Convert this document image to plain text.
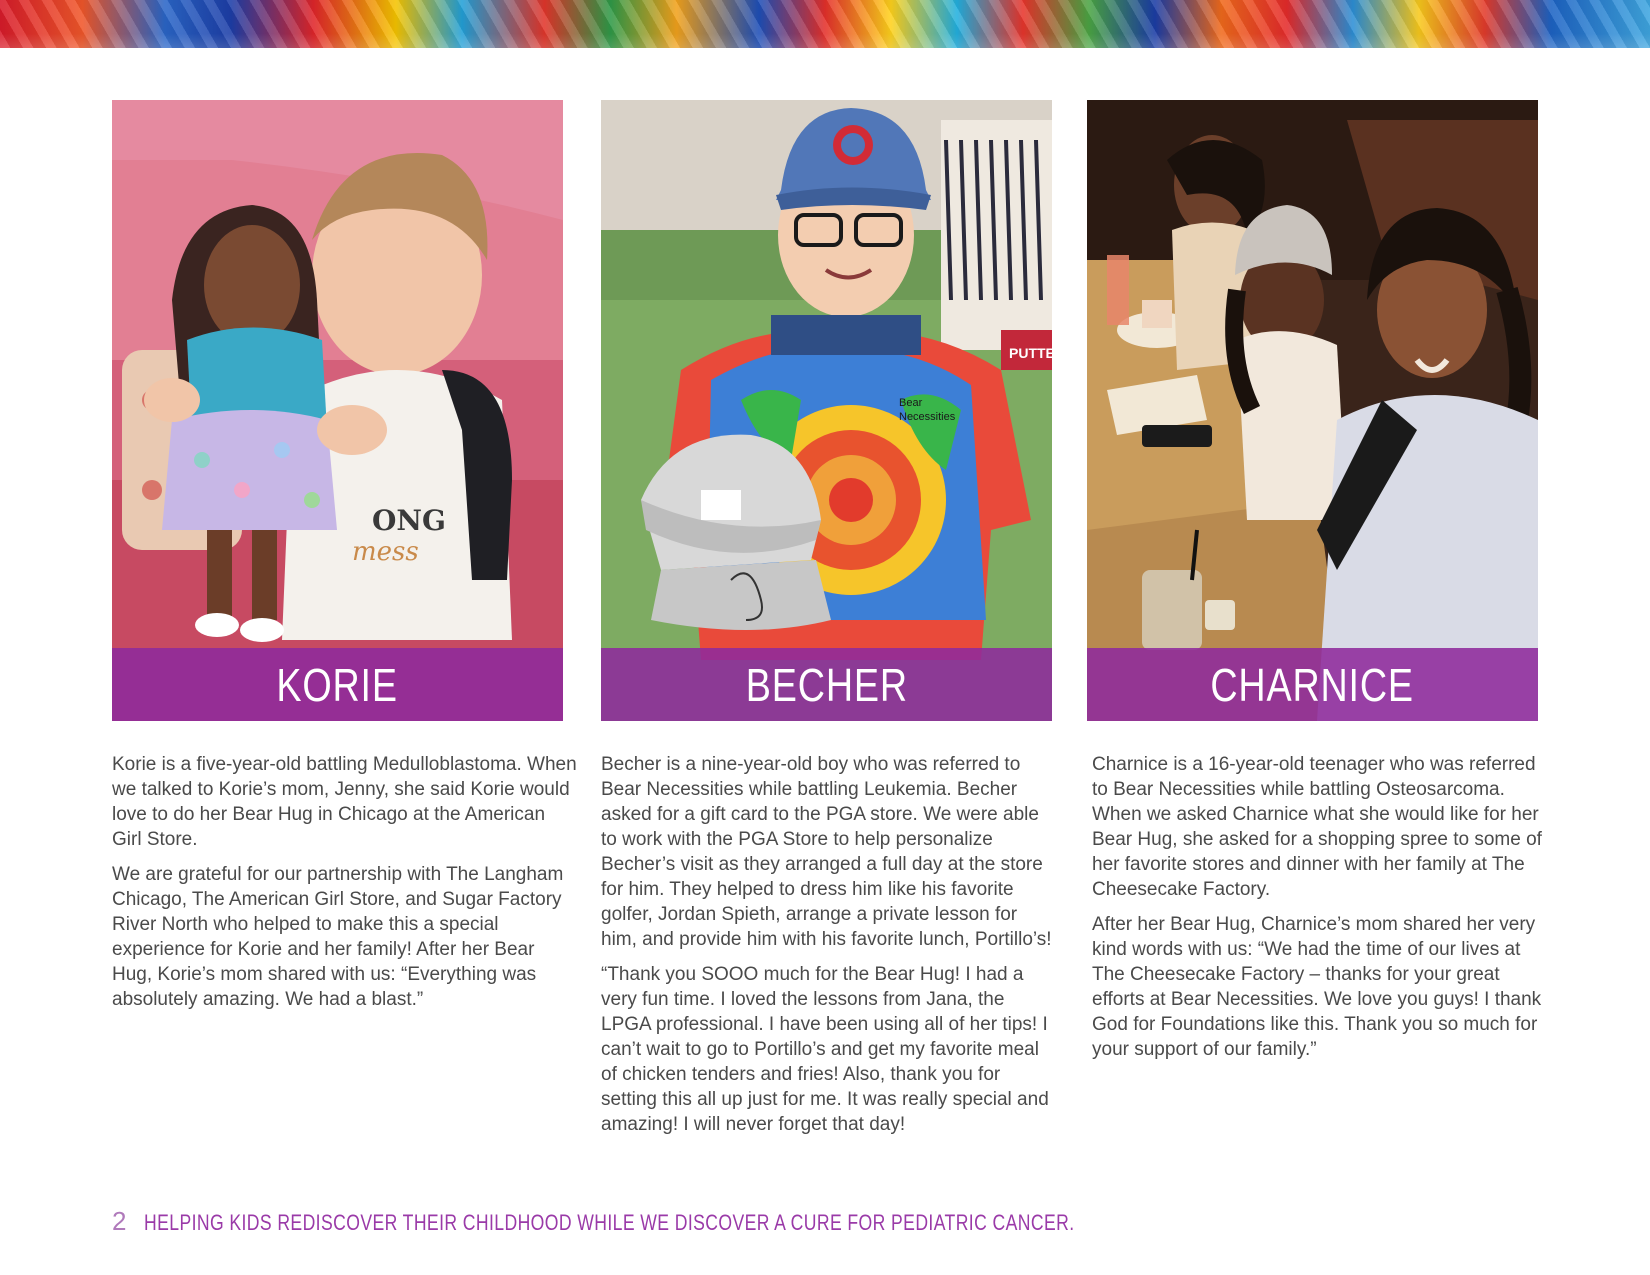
ONG
mess
KORIE
PUTTER
Bear
Necessities
BECHER	CHARNICE

Korie is a five-year-old battling Medulloblastoma. When we talked to Korie’s mom, Jenny, she said Korie would love to do her Bear Hug in Chicago at the American Girl Store.

We are grateful for our partnership with The Langham Chicago, The American Girl Store, and Sugar Factory River North who helped to make this a special experience for Korie and her family! After her Bear Hug, Korie’s mom shared with us: “Everything was absolutely amazing. We had a blast.”

Becher is a nine-year-old boy who was referred to Bear Necessities while battling Leukemia. Becher asked for a gift card to the PGA store. We were able to work with the PGA Store to help personalize Becher’s visit as they arranged a full day at the store for him. They helped to dress him like his favorite golfer, Jordan Spieth, arrange a private lesson for him, and provide him with his favorite lunch, Portillo’s!

“Thank you SOOO much for the Bear Hug! I had a very fun time. I loved the lessons from Jana, the LPGA professional. I have been using all of her tips! I can’t wait to go to Portillo’s and get my favorite meal of chicken tenders and fries! Also, thank you for setting this all up just for me. It was really special and amazing! I will never forget that day!

Charnice is a 16-year-old teenager who was referred to Bear Necessities while battling Osteosarcoma. When we asked Charnice what she would like for her Bear Hug, she asked for a shopping spree to some of her favorite stores and dinner with her family at The Cheesecake Factory.

After her Bear Hug, Charnice’s mom shared her very kind words with us: “We had the time of our lives at The Cheesecake Factory – thanks for your great efforts at Bear Necessities. We love you guys! I thank God for Foundations like this. Thank you so much for your support of our family.”

2 HELPING KIDS REDISCOVER THEIR CHILDHOOD WHILE WE DISCOVER A CURE FOR PEDIATRIC CANCER.
